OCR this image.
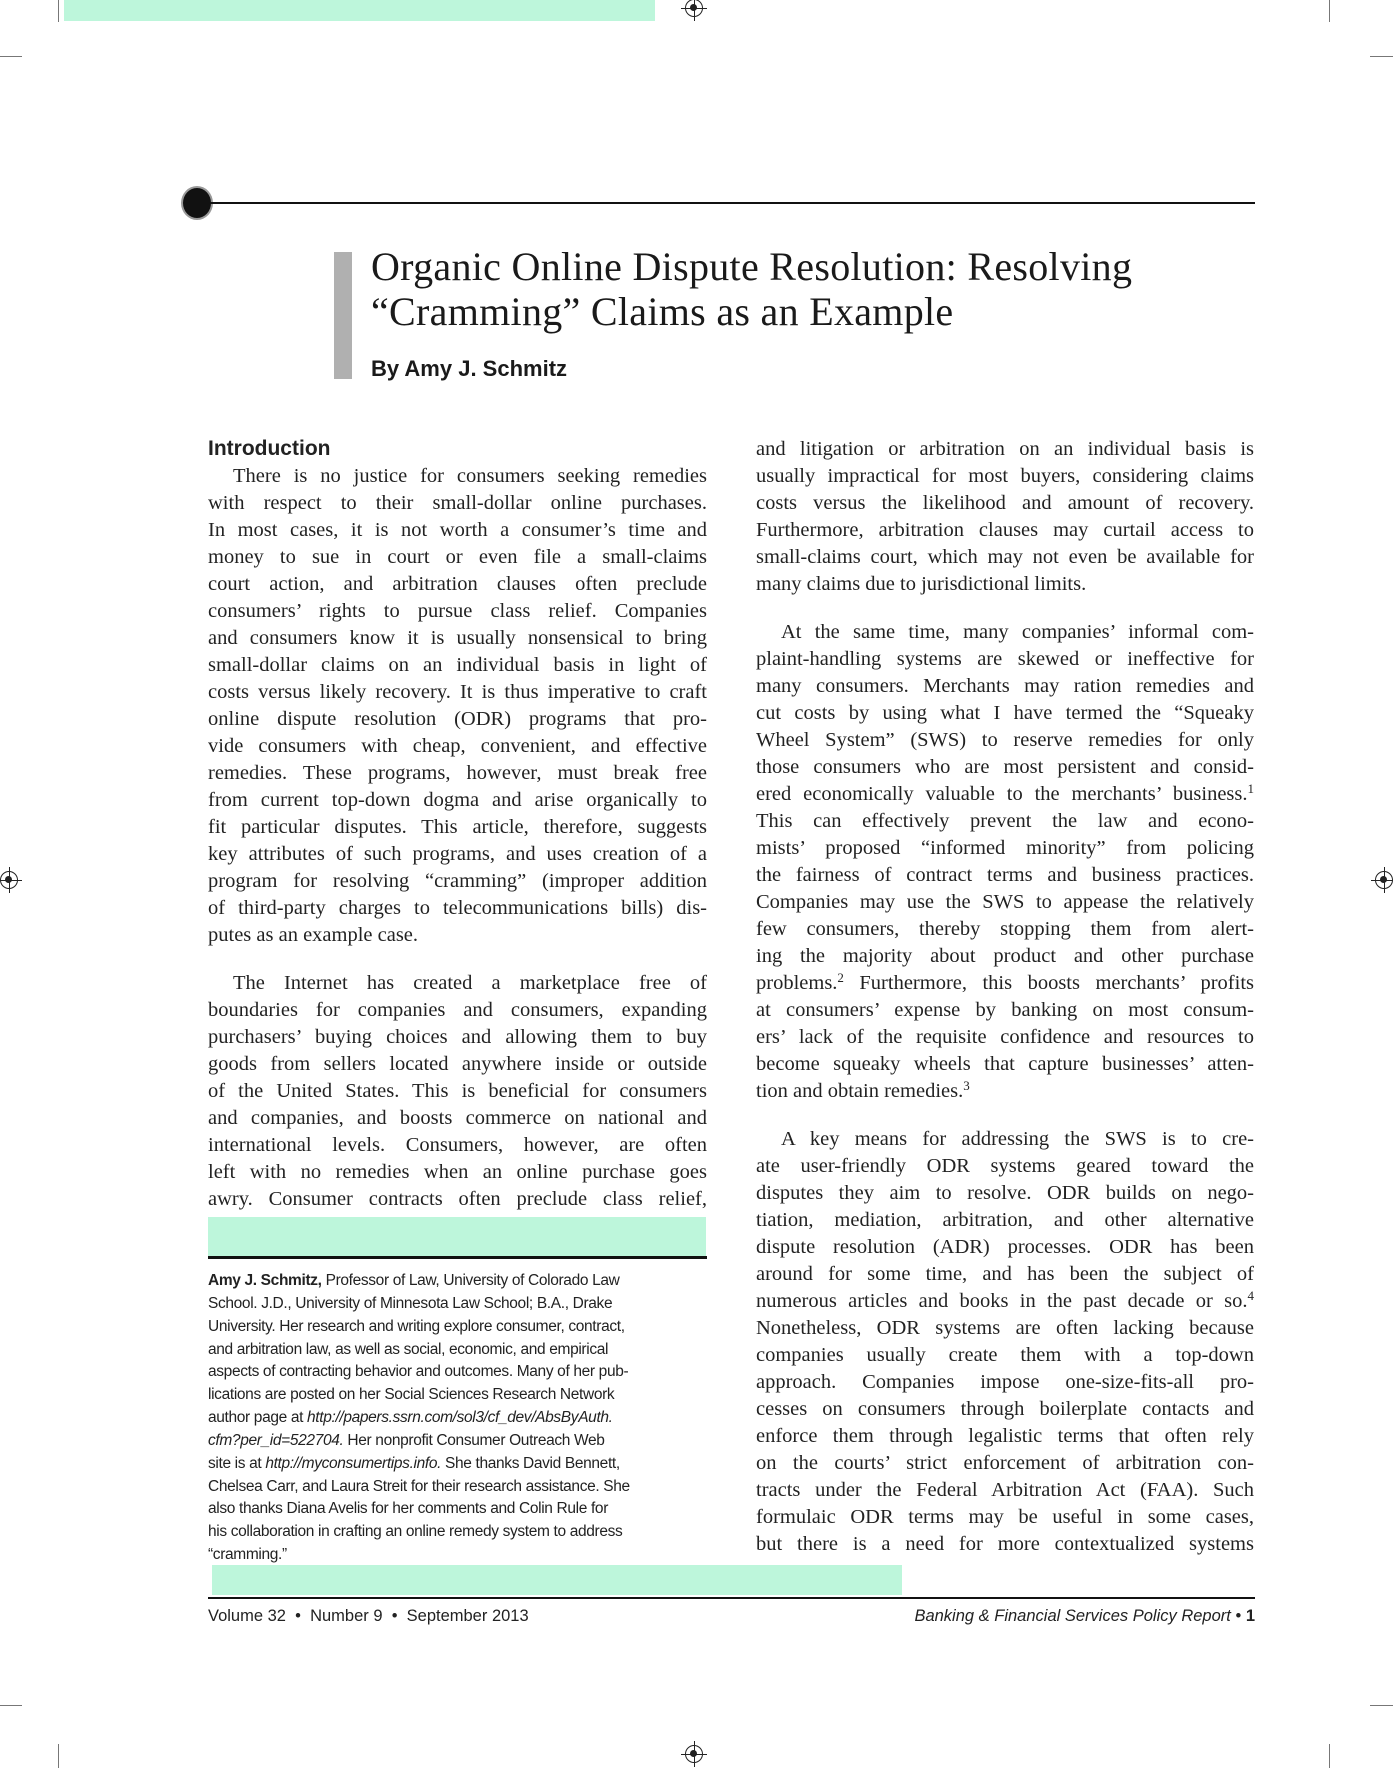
Organic Online Dispute Resolution: Resolving
“Cramming” Claims as an Example
By Amy J. Schmitz
Introduction
There is no justice for consumers seeking remedies
with respect to their small-dollar online purchases.
In most cases, it is not worth a consumer’s time and
money to sue in court or even file a small-claims
court action, and arbitration clauses often preclude
consumers’ rights to pursue class relief. Companies
and consumers know it is usually nonsensical to bring
small-dollar claims on an individual basis in light of
costs versus likely recovery. It is thus imperative to craft
online dispute resolution (ODR) programs that pro-
vide consumers with cheap, convenient, and effective
remedies. These programs, however, must break free
from current top-down dogma and arise organically to
fit particular disputes. This article, therefore, suggests
key attributes of such programs, and uses creation of a
program for resolving “cramming” (improper addition
of third-party charges to telecommunications bills) dis-
putes as an example case.
The Internet has created a marketplace free of
boundaries for companies and consumers, expanding
purchasers’ buying choices and allowing them to buy
goods from sellers located anywhere inside or outside
of the United States. This is beneficial for consumers
and companies, and boosts commerce on national and
international levels. Consumers, however, are often
left with no remedies when an online purchase goes
awry. Consumer contracts often preclude class relief,
and litigation or arbitration on an individual basis is
usually impractical for most buyers, considering claims
costs versus the likelihood and amount of recovery.
Furthermore, arbitration clauses may curtail access to
small-claims court, which may not even be available for
many claims due to jurisdictional limits.
At the same time, many companies’ informal com-
plaint-handling systems are skewed or ineffective for
many consumers. Merchants may ration remedies and
cut costs by using what I have termed the “Squeaky
Wheel System” (SWS) to reserve remedies for only
those consumers who are most persistent and consid-
ered economically valuable to the merchants’ business.$^1$
This can effectively prevent the law and econo-
mists’ proposed “informed minority” from policing
the fairness of contract terms and business practices.
Companies may use the SWS to appease the relatively
few consumers, thereby stopping them from alert-
ing the majority about product and other purchase
problems.$^2$ Furthermore, this boosts merchants’ profits
at consumers’ expense by banking on most consum-
ers’ lack of the requisite confidence and resources to
become squeaky wheels that capture businesses’ atten-
tion and obtain remedies.$^3$
A key means for addressing the SWS is to cre-
ate user-friendly ODR systems geared toward the
disputes they aim to resolve. ODR builds on nego-
tiation, mediation, arbitration, and other alternative
dispute resolution (ADR) processes. ODR has been
around for some time, and has been the subject of
numerous articles and books in the past decade or so.$^4$
Nonetheless, ODR systems are often lacking because
companies usually create them with a top-down
approach. Companies impose one-size-fits-all pro-
cesses on consumers through boilerplate contacts and
enforce them through legalistic terms that often rely
on the courts’ strict enforcement of arbitration con-
tracts under the Federal Arbitration Act (FAA). Such
formulaic ODR terms may be useful in some cases,
but there is a need for more contextualized systems
Amy J. Schmitz, Professor of Law, University of Colorado Law
School. J.D., University of Minnesota Law School; B.A., Drake
University. Her research and writing explore consumer, contract,
and arbitration law, as well as social, economic, and empirical
aspects of contracting behavior and outcomes. Many of her pub-
lications are posted on her Social Sciences Research Network
author page at http://papers.ssrn.com/sol3/cf_dev/AbsByAuth.
cfm?per_id=522704. Her nonprofit Consumer Outreach Web
site is at http://myconsumertips.info. She thanks David Bennett,
Chelsea Carr, and Laura Streit for their research assistance. She
also thanks Diana Avelis for her comments and Colin Rule for
his collaboration in crafting an online remedy system to address
“cramming.”
Volume 32  •  Number 9  •  September 2013	Banking & Financial Services Policy Report • 1
